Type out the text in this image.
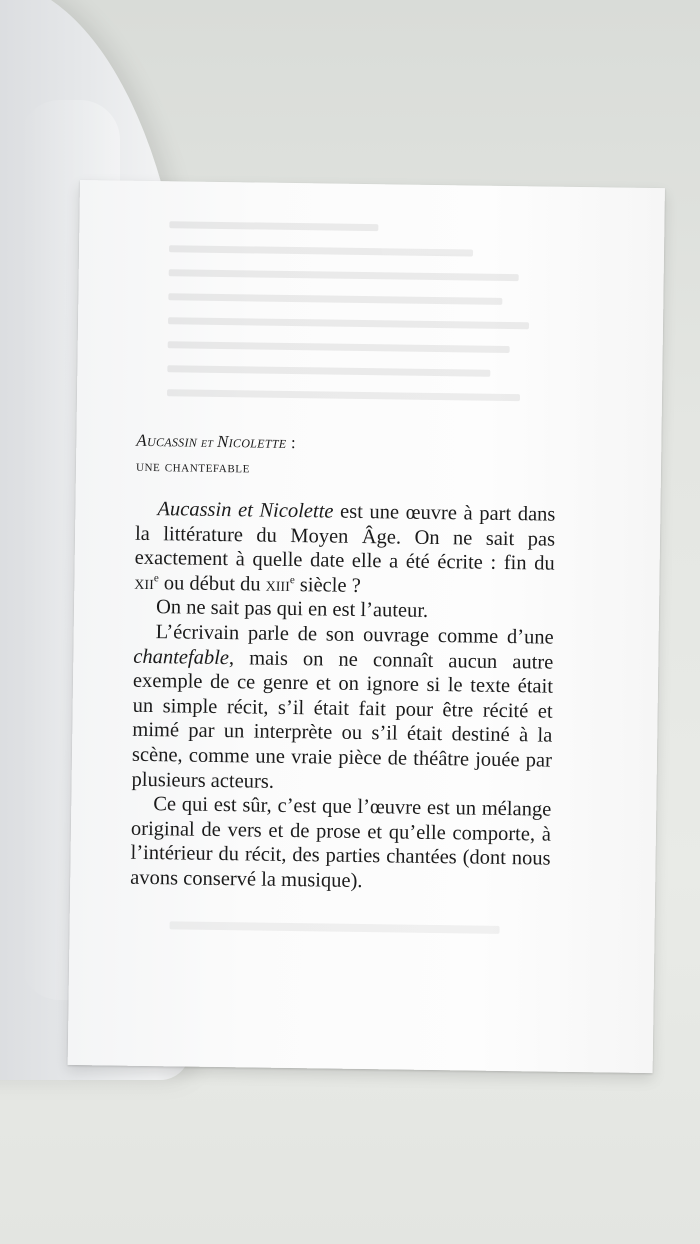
Aucassin et Nicolette :

une chantefable

Aucassin et Nicolette est une œuvre à part dans la littérature du Moyen Âge. On ne sait pas exactement à quelle date elle a été écrite : fin du xii$^e$ ou début du xiii$^e$ siècle ?

On ne sait pas qui en est l’auteur.

L’écrivain parle de son ouvrage comme d’une chantefable, mais on ne connaît aucun autre exemple de ce genre et on ignore si le texte était un simple récit, s’il était fait pour être récité et mimé par un interprète ou s’il était destiné à la scène, comme une vraie pièce de théâtre jouée par plusieurs acteurs.

Ce qui est sûr, c’est que l’œuvre est un mélange original de vers et de prose et qu’elle comporte, à l’intérieur du récit, des parties chantées (dont nous avons conservé la musique).
